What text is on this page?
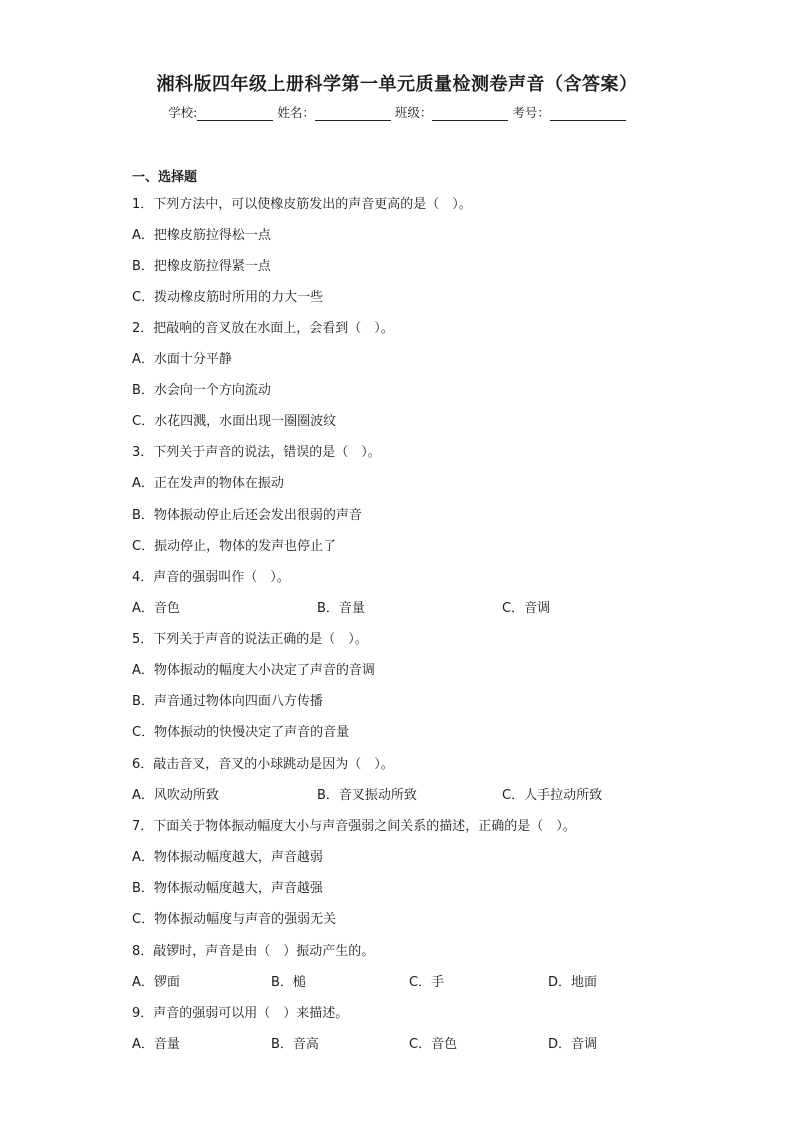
湘科版四年级上册科学第一单元质量检测卷声音（含答案）
学校:	姓名：	班级：	考号：
一、选择题
1．下列方法中，可以使橡皮筋发出的声音更高的是（　）。
A．把橡皮筋拉得松一点
B．把橡皮筋拉得紧一点
C．拨动橡皮筋时所用的力大一些
2．把敲响的音叉放在水面上，会看到（　）。
A．水面十分平静
B．水会向一个方向流动
C．水花四溅，水面出现一圈圈波纹
3．下列关于声音的说法，错误的是（　）。
A．正在发声的物体在振动
B．物体振动停止后还会发出很弱的声音
C．振动停止，物体的发声也停止了
4．声音的强弱叫作（　）。
A．音色	B．音量	C．音调
5．下列关于声音的说法正确的是（　）。
A．物体振动的幅度大小决定了声音的音调
B．声音通过物体向四面八方传播
C．物体振动的快慢决定了声音的音量
6．敲击音叉，音叉的小球跳动是因为（　）。
A．风吹动所致	B．音叉振动所致	C．人手拉动所致
7．下面关于物体振动幅度大小与声音强弱之间关系的描述，正确的是（　）。
A．物体振动幅度越大，声音越弱
B．物体振动幅度越大，声音越强
C．物体振动幅度与声音的强弱无关
8．敲锣时，声音是由（　）振动产生的。
A．锣面	B．槌	C．手	D．地面
9．声音的强弱可以用（　）来描述。
A．音量	B．音高	C．音色	D．音调
